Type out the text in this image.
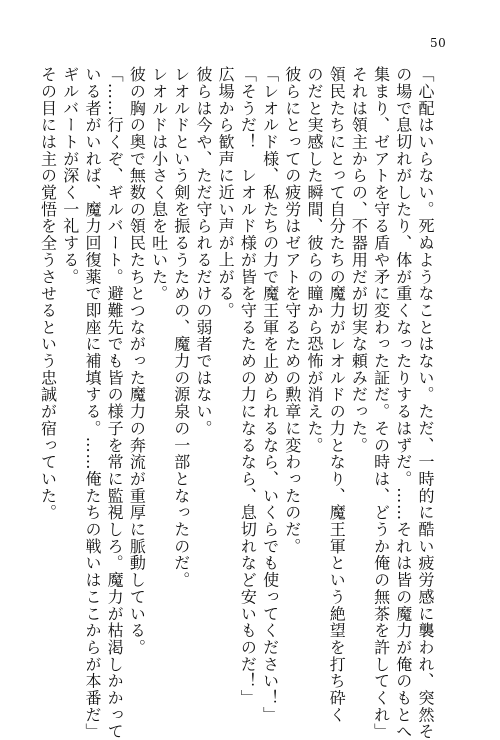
50
「心配はいらない。死ぬようなことはない。ただ、一時的に酷い疲労感に襲われ、突然そ
の場で息切れがしたり、体が重くなったりするはずだ。……それは皆の魔力が俺のもとへ
集まり、ゼアトを守る盾や矛に変わった証だ。その時は、どうか俺の無茶を許してくれ」
それは領主からの、不器用だが切実な頼みだった。
領民たちにとって自分たちの魔力がレオルドの力となり、魔王軍という絶望を打ち砕く
のだと実感した瞬間、彼らの瞳から恐怖が消えた。
彼らにとっての疲労はゼアトを守るための勲章に変わったのだ。
「レオルド様、私たちの力で魔王軍を止められるなら、いくらでも使ってください！」
「そうだ！　レオルド様が皆を守るための力になるなら、息切れなど安いものだ！」
広場から歓声に近い声が上がる。
彼らは今や、ただ守られるだけの弱者ではない。
レオルドという剣を振るうための、魔力の源泉の一部となったのだ。
レオルドは小さく息を吐いた。
彼の胸の奥で無数の領民たちとつながった魔力の奔流が重厚に脈動している。
「……行くぞ、ギルバート。避難先でも皆の様子を常に監視しろ。魔力が枯渇しかかって
いる者がいれば、魔力回復薬で即座に補填する。……俺たちの戦いはここからが本番だ」
ギルバートが深く一礼する。
その目には主の覚悟を全うさせるという忠誠が宿っていた。
